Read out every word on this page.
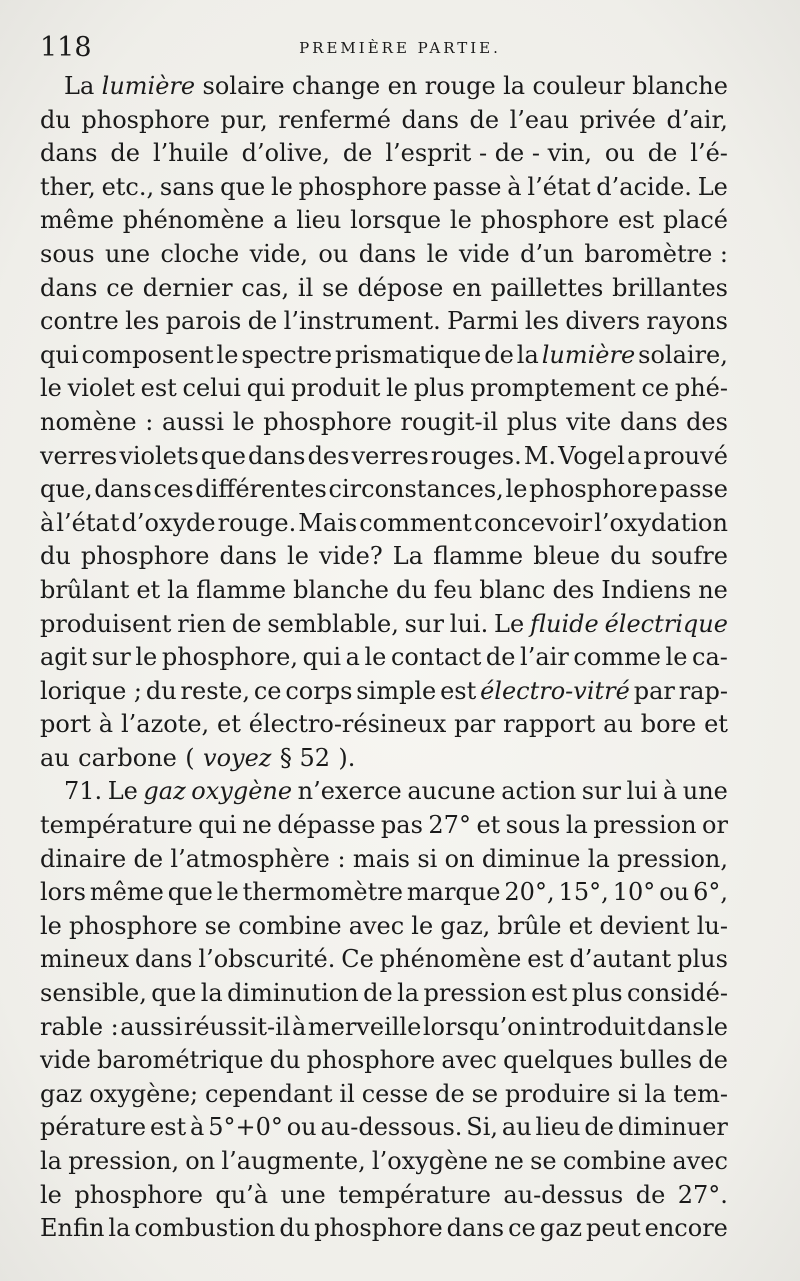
118	PREMIÈRE PARTIE.
La lumière solaire change en rouge la couleur blanche
du phosphore pur, renfermé dans de l’eau privée d’air,
dans de l’huile d’olive, de l’esprit - de - vin, ou de l’é-
ther, etc., sans que le phosphore passe à l’état d’acide. Le
même phénomène a lieu lorsque le phosphore est placé
sous une cloche vide, ou dans le vide d’un baromètre :
dans ce dernier cas, il se dépose en paillettes brillantes
contre les parois de l’instrument. Parmi les divers rayons
qui composent le spectre prismatique de la lumière solaire,
le violet est celui qui produit le plus promptement ce phé-
nomène : aussi le phosphore rougit-il plus vite dans des
verres violets que dans des verres rouges. M. Vogel a prouvé
que, dans ces différentes circonstances, le phosphore passe
à l’état d’oxyde rouge. Mais comment concevoir l’oxydation
du phosphore dans le vide? La flamme bleue du soufre
brûlant et la flamme blanche du feu blanc des Indiens ne
produisent rien de semblable, sur lui. Le fluide électrique
agit sur le phosphore, qui a le contact de l’air comme le ca-
lorique ; du reste, ce corps simple est électro-vitré par rap-
port à l’azote, et électro-résineux par rapport au bore et
au carbone ( voyez § 52 ).
71. Le gaz oxygène n’exerce aucune action sur lui à une
température qui ne dépasse pas 27° et sous la pression or
dinaire de l’atmosphère : mais si on diminue la pression,
lors même que le thermomètre marque 20°, 15°, 10° ou 6°,
le phosphore se combine avec le gaz, brûle et devient lu-
mineux dans l’obscurité. Ce phénomène est d’autant plus
sensible, que la diminution de la pression est plus considé-
rable : aussi réussit-il à merveille lorsqu’on introduit dans le
vide barométrique du phosphore avec quelques bulles de
gaz oxygène; cependant il cesse de se produire si la tem-
pérature est à 5°+0° ou au-dessous. Si, au lieu de diminuer
la pression, on l’augmente, l’oxygène ne se combine avec
le phosphore qu’à une température au-dessus de 27°.
Enfin la combustion du phosphore dans ce gaz peut encore
